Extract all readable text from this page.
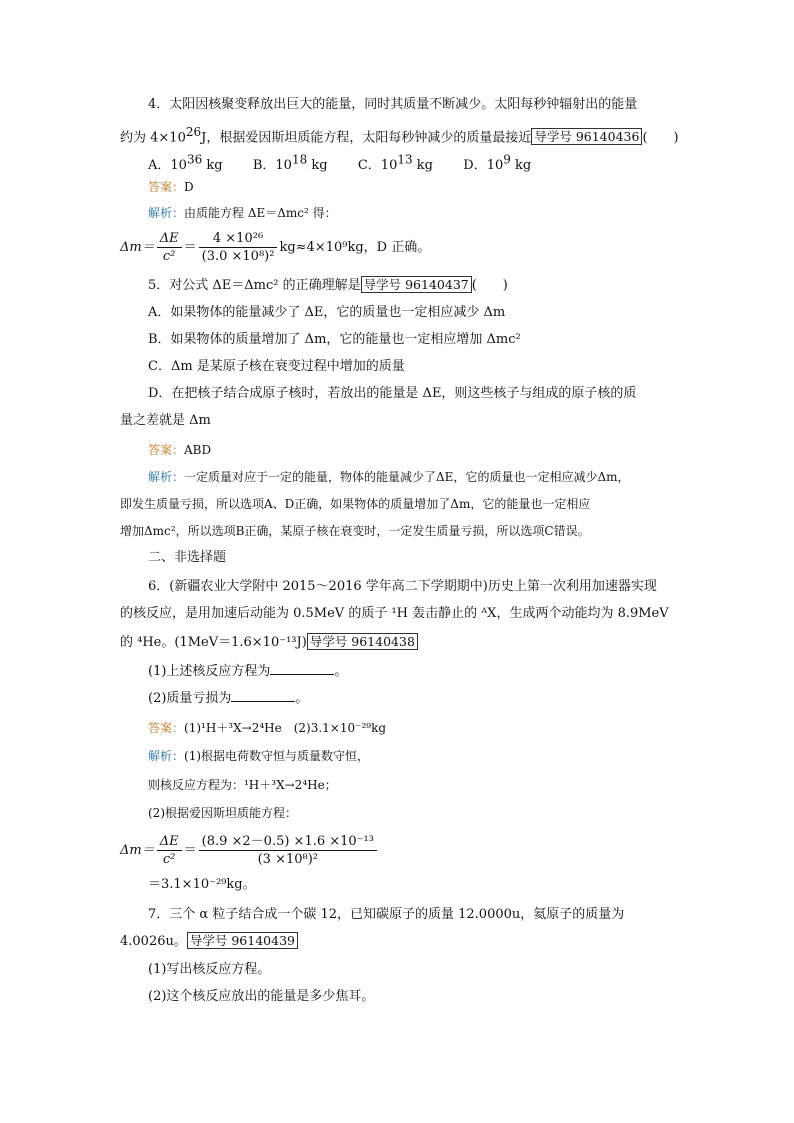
4．太阳因核聚变释放出巨大的能量，同时其质量不断减少。太阳每秒钟辐射出的能量
约为 $4\times 10^{26}J$，根据爱因斯坦质能方程，太阳每秒钟减少的质量最接近 导学号 96140436 (　　)
A．$10^{36}$ kg B．$10^{18}$ kg C．$10^{13}$ kg D．$10^9$ kg
答案：D
解析：由质能方程 ΔE＝Δmc² 得：
$\Delta m= \frac{\Delta E}{\text{c²}} = \frac{\text{4 ×10²⁶}}{\text{(3.0 ×10⁸)²}} kg\approx 4\times 10^9kg$，D 正确。
5．对公式 ΔE＝Δmc² 的正确理解是 导学号 96140437 (　　)
A．如果物体的能量减少了 ΔE，它的质量也一定相应减少 Δm
B．如果物体的质量增加了 Δm，它的能量也一定相应增加 Δmc²
C．Δm 是某原子核在衰变过程中增加的质量
D．在把核子结合成原子核时，若放出的能量是 ΔE，则这些核子与组成的原子核的质
量之差就是 Δm
答案：ABD
解析：一定质量对应于一定的能量，物体的能量减少了ΔE，它的质量也一定相应减少Δm，
即发生质量亏损，所以选项A、D正确，如果物体的质量增加了Δm，它的能量也一定相应
增加Δmc²，所以选项B正确，某原子核在衰变时，一定发生质量亏损，所以选项C错误。
二、非选择题
6．(新疆农业大学附中 2015～2016 学年高二下学期期中)历史上第一次利用加速器实现
的核反应，是用加速后动能为 0.5MeV 的质子 ¹H 轰击静止的 ᴬX，生成两个动能均为 8.9MeV
的 ⁴He。(1MeV＝1.6×10⁻¹³J) 导学号 96140438
(1)上述核反应方程为	。
(2)质量亏损为	。
答案：(1)¹H＋³X→2⁴He　(2)3.1×10⁻²⁹kg
解析：(1)根据电荷数守恒与质量数守恒，
则核反应方程为：¹H＋³X→2⁴He；
(2)根据爱因斯坦质能方程：
$\Delta m= \frac{\Delta E}{\text{c²}} = \frac{\text{(8.9 ×2－0.5) ×1.6 ×10⁻¹³}}{\text{(3 ×10⁸)²}}$
＝3.1×10⁻²⁹kg。
7．三个 α 粒子结合成一个碳 12，已知碳原子的质量 12.0000u，氦原子的质量为
4.0026u。 导学号 96140439
(1)写出核反应方程。
(2)这个核反应放出的能量是多少焦耳。
